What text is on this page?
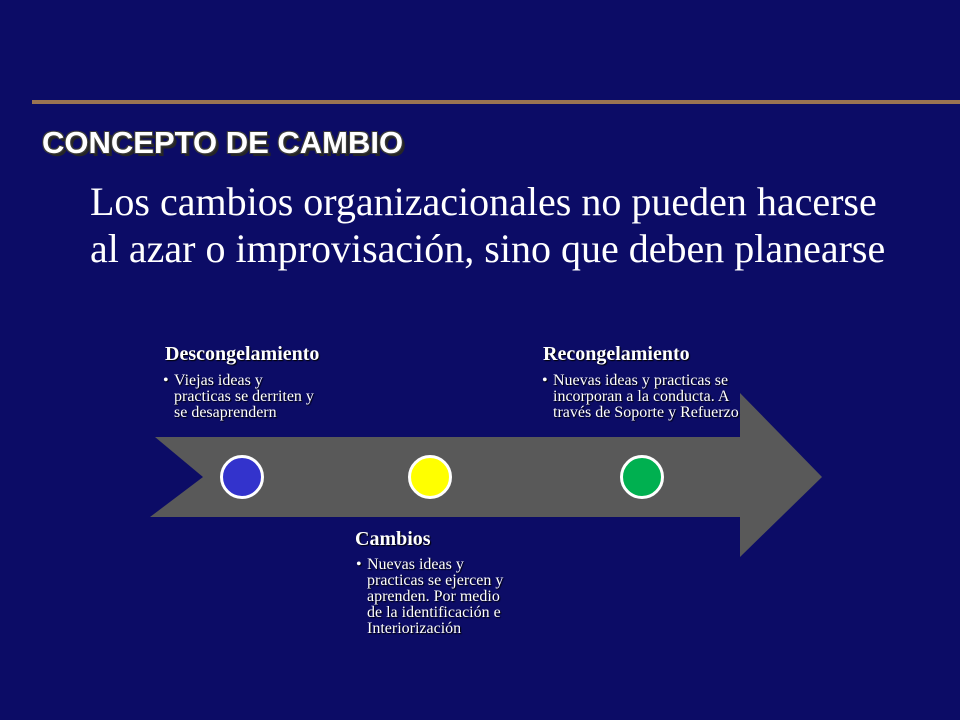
CONCEPTO DE CAMBIO
Los cambios organizacionales no pueden hacerse
al azar o improvisación, sino que deben planearse
Descongelamiento
• Viejas ideas y
practicas se derriten y
se desaprendern
Cambios
• Nuevas ideas y
practicas se ejercen y
aprenden. Por medio
de la identificación e
Interiorización
Recongelamiento
• Nuevas ideas y practicas se
incorporan a la conducta. A
través de Soporte y Refuerzo
